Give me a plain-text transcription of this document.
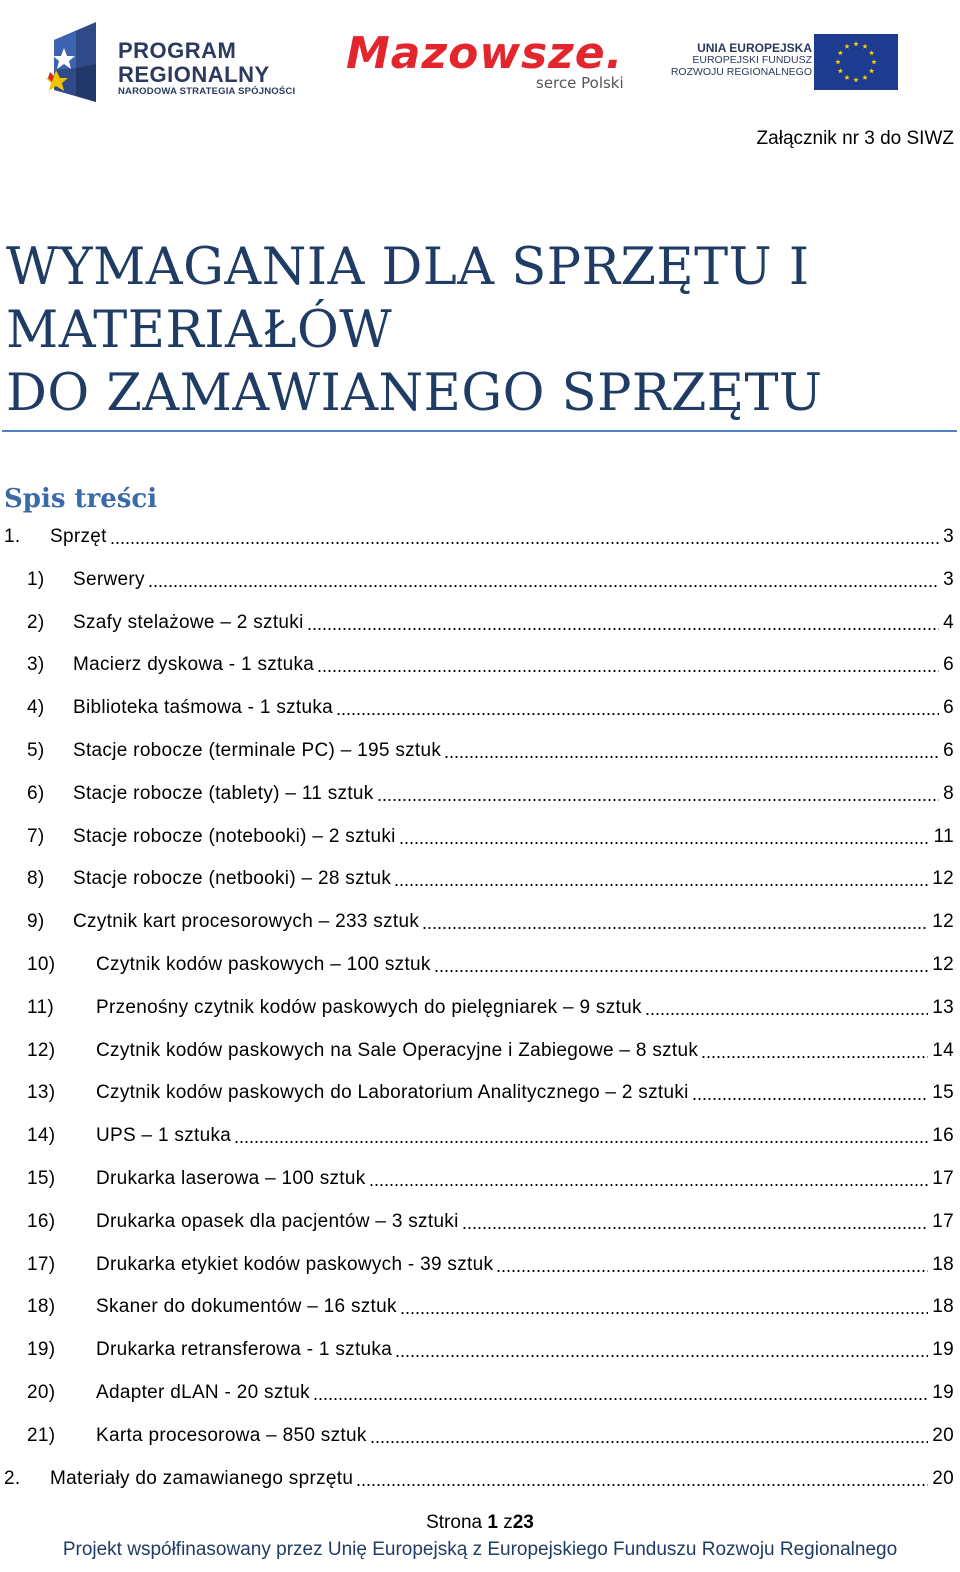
PROGRAM
REGIONALNY
NARODOWA STRATEGIA SPÓJNOŚCI
Mazowsze.
serce Polski
UNIA EUROPEJSKA
EUROPEJSKI FUNDUSZ
ROZWOJU REGIONALNEGO
Załącznik nr 3 do SIWZ
WYMAGANIA DLA SPRZĘTU I
MATERIAŁÓW
DO ZAMAWIANEGO SPRZĘTU
Spis treści
1. Sprzęt	3
1) Serwery	3
2) Szafy stelażowe – 2 sztuki	4
3) Macierz dyskowa - 1 sztuka	6
4) Biblioteka taśmowa - 1 sztuka	6
5) Stacje robocze (terminale PC) – 195 sztuk	6
6) Stacje robocze (tablety) – 11 sztuk	8
7) Stacje robocze (notebooki) – 2 sztuki	11
8) Stacje robocze (netbooki) – 28 sztuk	12
9) Czytnik kart procesorowych – 233 sztuk	12
10) Czytnik kodów paskowych – 100 sztuk	12
11) Przenośny czytnik kodów paskowych do pielęgniarek – 9 sztuk	13
12) Czytnik kodów paskowych na Sale Operacyjne i Zabiegowe – 8 sztuk	14
13) Czytnik kodów paskowych do Laboratorium Analitycznego – 2 sztuki	15
14) UPS – 1 sztuka	16
15) Drukarka laserowa – 100 sztuk	17
16) Drukarka opasek dla pacjentów – 3 sztuki	17
17) Drukarka etykiet kodów paskowych - 39 sztuk	18
18) Skaner do dokumentów – 16 sztuk	18
19) Drukarka retransferowa - 1 sztuka	19
20) Adapter dLAN - 20 sztuk	19
21) Karta procesorowa – 850 sztuk	20
2. Materiały do zamawianego sprzętu	20
Strona 1 z23
Projekt współfinasowany przez Unię Europejską z Europejskiego Funduszu Rozwoju Regionalnego
